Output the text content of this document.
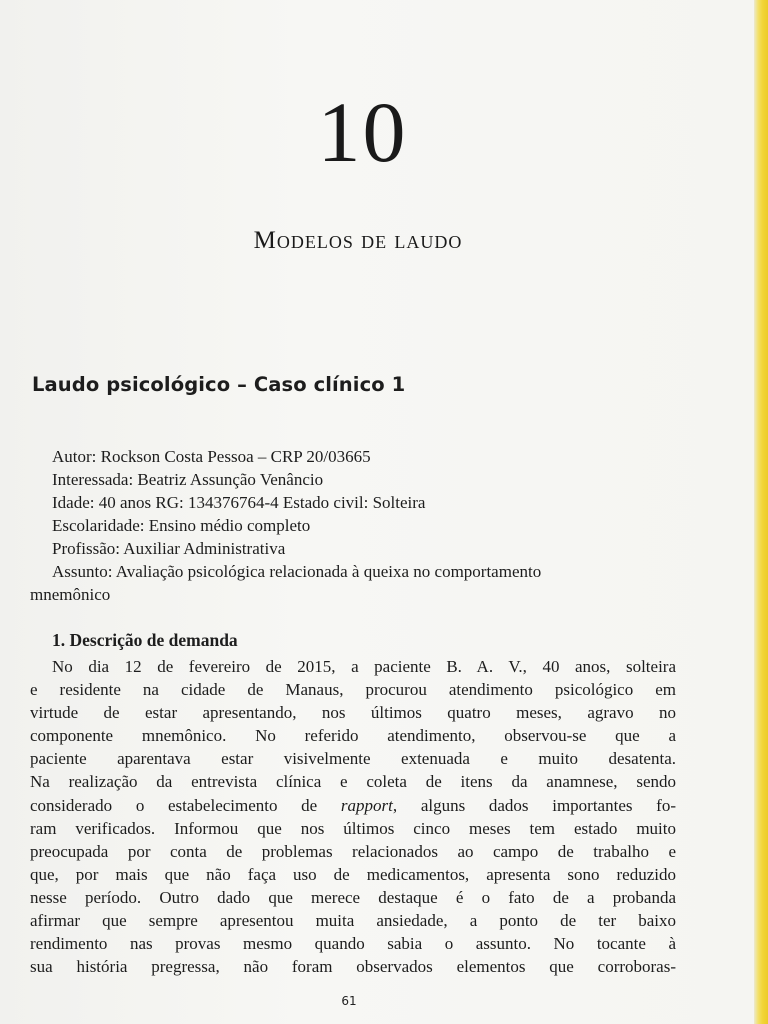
10
Modelos de laudo
Laudo psicológico – Caso clínico 1
Autor: Rockson Costa Pessoa – CRP 20/03665
Interessada: Beatriz Assunção Venâncio
Idade: 40 anos RG: 134376764-4 Estado civil: Solteira
Escolaridade: Ensino médio completo
Profissão: Auxiliar Administrativa
Assunto: Avaliação psicológica relacionada à queixa no comportamento
mnemônico
1. Descrição de demanda
No dia 12 de fevereiro de 2015, a paciente B. A. V., 40 anos, solteira
e residente na cidade de Manaus, procurou atendimento psicológico em
virtude de estar apresentando, nos últimos quatro meses, agravo no
componente mnemônico. No referido atendimento, observou-se que a
paciente aparentava estar visivelmente extenuada e muito desatenta.
Na realização da entrevista clínica e coleta de itens da anamnese, sendo
considerado o estabelecimento de rapport, alguns dados importantes fo-
ram verificados. Informou que nos últimos cinco meses tem estado muito
preocupada por conta de problemas relacionados ao campo de trabalho e
que, por mais que não faça uso de medicamentos, apresenta sono reduzido
nesse período. Outro dado que merece destaque é o fato de a probanda
afirmar que sempre apresentou muita ansiedade, a ponto de ter baixo
rendimento nas provas mesmo quando sabia o assunto. No tocante à
sua história pregressa, não foram observados elementos que corroboras-
61
